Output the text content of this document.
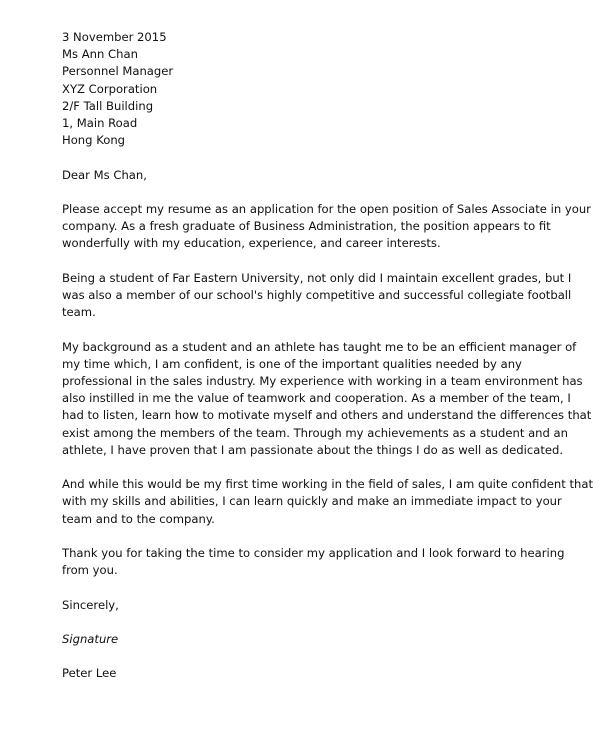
3 November 2015
Ms Ann Chan
Personnel Manager
XYZ Corporation
2/F Tall Building
1, Main Road
Hong Kong
Dear Ms Chan,
Please accept my resume as an application for the open position of Sales Associate in your
company. As a fresh graduate of Business Administration, the position appears to fit
wonderfully with my education, experience, and career interests.
Being a student of Far Eastern University, not only did I maintain excellent grades, but I
was also a member of our school's highly competitive and successful collegiate football
team.
My background as a student and an athlete has taught me to be an efficient manager of
my time which, I am confident, is one of the important qualities needed by any
professional in the sales industry. My experience with working in a team environment has
also instilled in me the value of teamwork and cooperation. As a member of the team, I
had to listen, learn how to motivate myself and others and understand the differences that
exist among the members of the team. Through my achievements as a student and an
athlete, I have proven that I am passionate about the things I do as well as dedicated.
And while this would be my first time working in the field of sales, I am quite confident that
with my skills and abilities, I can learn quickly and make an immediate impact to your
team and to the company.
Thank you for taking the time to consider my application and I look forward to hearing
from you.
Sincerely,
Signature
Peter Lee
